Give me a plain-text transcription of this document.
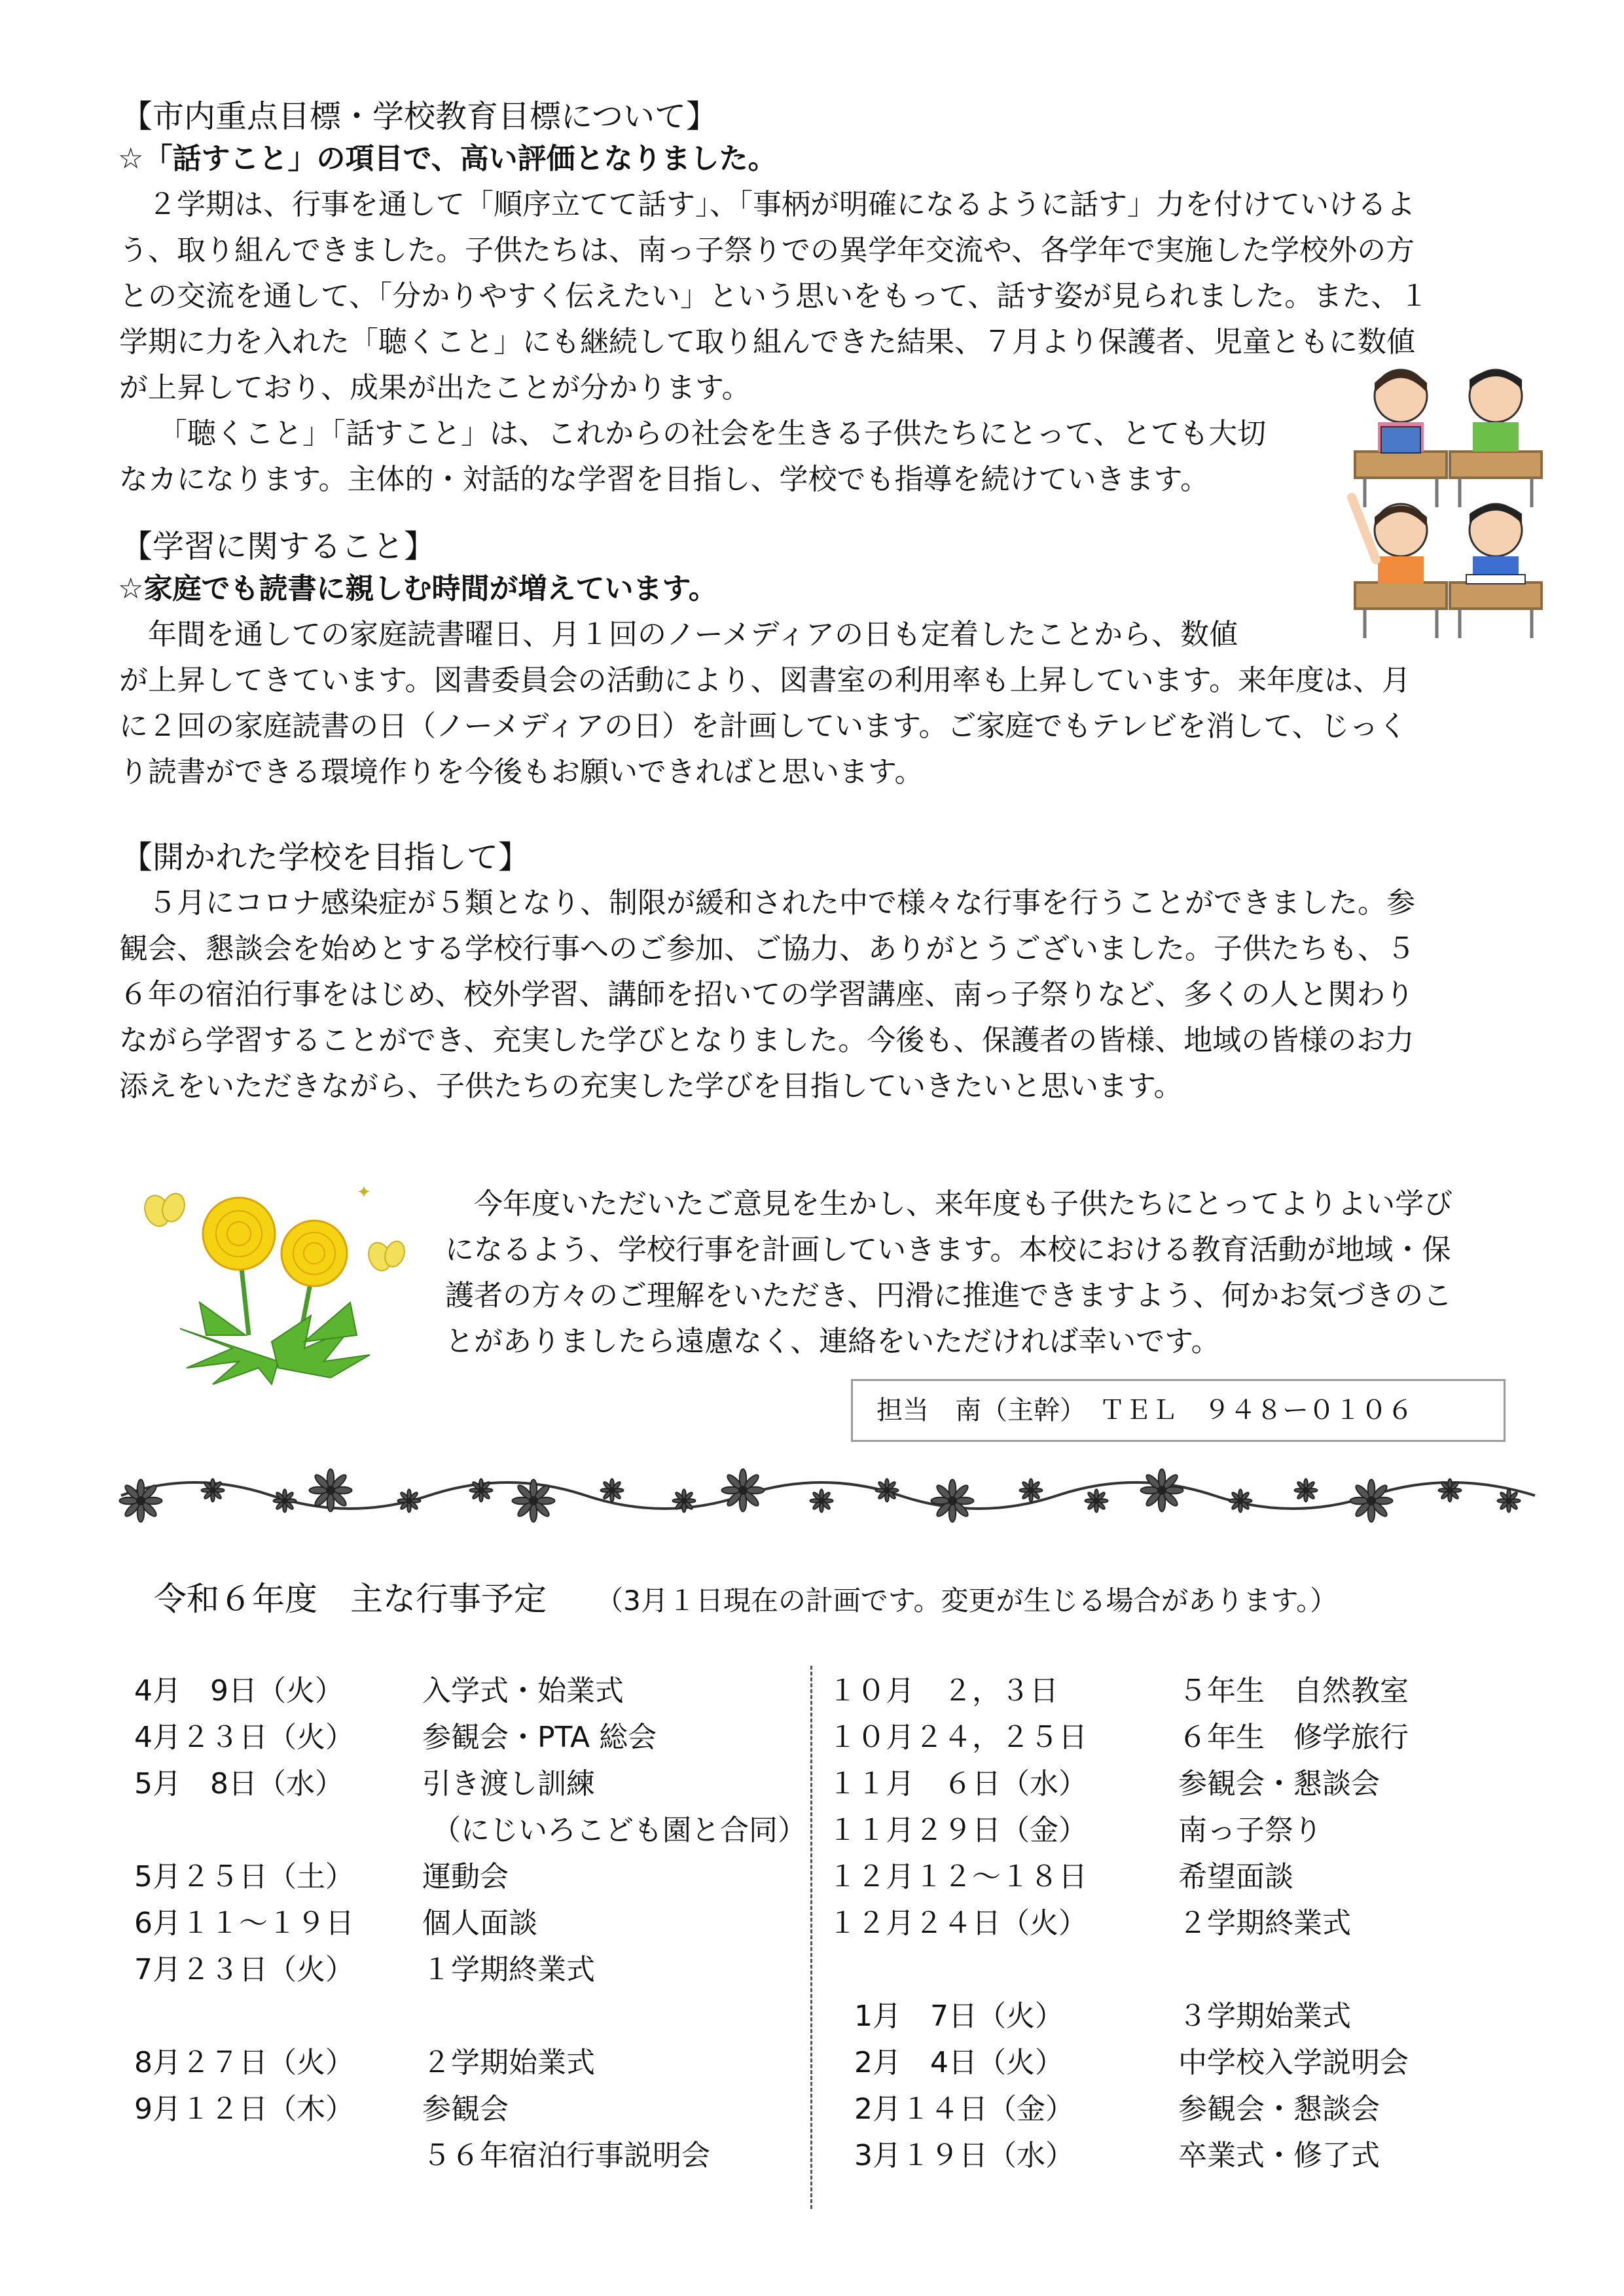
【市内重点目標・学校教育目標について】
☆「話すこと」の項目で、高い評価となりました。
２学期は、行事を通して「順序立てて話す」、「事柄が明確になるように話す」力を付けていけるよ
う、取り組んできました。子供たちは、南っ子祭りでの異学年交流や、各学年で実施した学校外の方
との交流を通して、「分かりやすく伝えたい」という思いをもって、話す姿が見られました。また、１
学期に力を入れた「聴くこと」にも継続して取り組んできた結果、７月より保護者、児童ともに数値
が上昇しており、成果が出たことが分かります。
「聴くこと」「話すこと」は、これからの社会を生きる子供たちにとって、とても大切
なカになります。主体的・対話的な学習を目指し、学校でも指導を続けていきます。
【学習に関すること】
☆家庭でも読書に親しむ時間が増えています。
年間を通しての家庭読書曜日、月１回のノーメディアの日も定着したことから、数値
が上昇してきています。図書委員会の活動により、図書室の利用率も上昇しています。来年度は、月
に２回の家庭読書の日（ノーメディアの日）を計画しています。ご家庭でもテレビを消して、じっく
り読書ができる環境作りを今後もお願いできればと思います。
【開かれた学校を目指して】
５月にコロナ感染症が５類となり、制限が緩和された中で様々な行事を行うことができました。参
観会、懇談会を始めとする学校行事へのご参加、ご協力、ありがとうございました。子供たちも、５
６年の宿泊行事をはじめ、校外学習、講師を招いての学習講座、南っ子祭りなど、多くの人と関わり
ながら学習することができ、充実した学びとなりました。今後も、保護者の皆様、地域の皆様のお力
添えをいただきながら、子供たちの充実した学びを目指していきたいと思います。
✦	今年度いただいたご意見を生かし、来年度も子供たちにとってよりよい学び
になるよう、学校行事を計画していきます。本校における教育活動が地域・保
護者の方々のご理解をいただき、円滑に推進できますよう、何かお気づきのこ
とがありましたら遠慮なく、連絡をいただければ幸いです。
担当　南（主幹）　ＴＥＬ　９４８ー０１０６
令和６年度　主な行事予定 （3月１日現在の計画です。変更が生じる場合があります。）
4月　9日（火）	入学式・始業式
4月２３日（火） 参観会・PTA 総会
5月　8日（水）	引き渡し訓練
（にじいろこども園と合同）
5月２５日（土） 運動会
6月１１～１９日 個人面談
7月２３日（火） １学期終業式
8月２７日（火） ２学期始業式
9月１２日（木） 参観会
５６年宿泊行事説明会
１０月　２，３日	５年生　自然教室
１０月２４，２５日	６年生　修学旅行
１１月　６日（水）	参観会・懇談会
１１月２９日（金）	南っ子祭り
１２月１２～１８日	希望面談
１２月２４日（火）	２学期終業式
1月　7日（火）	３学期始業式
2月　4日（火）	中学校入学説明会
2月１４日（金）	参観会・懇談会
3月１９日（水）	卒業式・修了式
